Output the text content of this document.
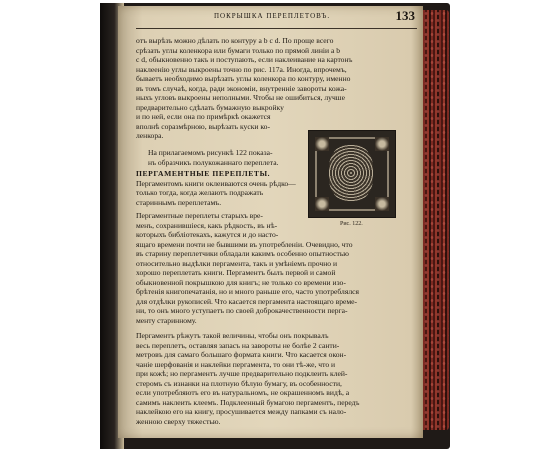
ПОКРЫШКА ПЕРЕПЛЕТОВЪ.	133
отъ вырѣзъ можно дѣлать по контуру a b c d. По проще всего
срѣзать углы коленкора или бумаги только по прямой линіи a b
c d, обыкновенно такъ и поступають, если наклеивание на картонъ
наклеенію углы выкроены точно по рис. 117a. Иногда, впрочемъ,
бываетъ необходимо вырѣзать углы коленкора по контуру, именно
въ томъ случаѣ, когда, ради экономіи, внутренніе завороты кожа-
ныхъ угловъ выкроены неполными. Чтобы не ошибиться, лучше
предварительно сдѣлать бумажную выкройку
и по ней, если она по примѣркѣ окажется
вполнѣ соразмѣрною, вырѣзать куски ко-
ленкора.
На прилагаемомъ рисункѣ 122 показа-
нъ образчикъ полукожаннаго переплета.
ПЕРГАМЕНТНЫЕ ПЕРЕПЛЕТЫ.
Пергаментомъ книги оклеиваются очень рѣдко—
только тогда, когда желаютъ подражать
стариннымъ переплетамъ.
Пергаментные переплеты старыхъ вре-
менъ, сохранившіеся, какъ рѣдкость, въ нѣ-
которыхъ библіотекахъ, кажутся и до насто-
ящаго времени почти не бывшими въ употребленіи. Очевидно, что
въ старину переплетчики обладали какимъ особенно опытностью
относительно выдѣлки пергамента, такъ и умѣніемъ прочно и
хорошо переплетать книги. Пергаментъ былъ первой и самой
обыкновенной покрышкою для книгъ; не только со времени изо-
брѣтенія книгопечатанія, но и много раньше его, часто употреблялся
для отдѣлки рукописей. Что касается пергамента настоящаго време-
ни, то онъ много уступаетъ по своей доброкачественности перга-
менту старинному.
Пергаментъ рѣжутъ такой величины, чтобы онъ покрывалъ
весь переплетъ, оставляя запасъ на завороты не болѣе 2 санти-
метровъ для самаго большаго формата книги. Что касается окон-
чаніе шерфованія и наклейки пергамента, то они тѣ-же, что и
при кожѣ; но пергаментъ лучше предварительно подклеить клей-
стеромъ съ изнанки на плотную бѣлую бумагу, въ особенности,
если употребляютъ его въ натуральномъ, не окрашенномъ видѣ, а
самимъ наклеить клеемъ. Подклеенный бумагою пергаментъ, передъ
наклейкою его на книгу, просушивается между папками съ нало-
женною сверху тяжестью.
Рис. 122.
